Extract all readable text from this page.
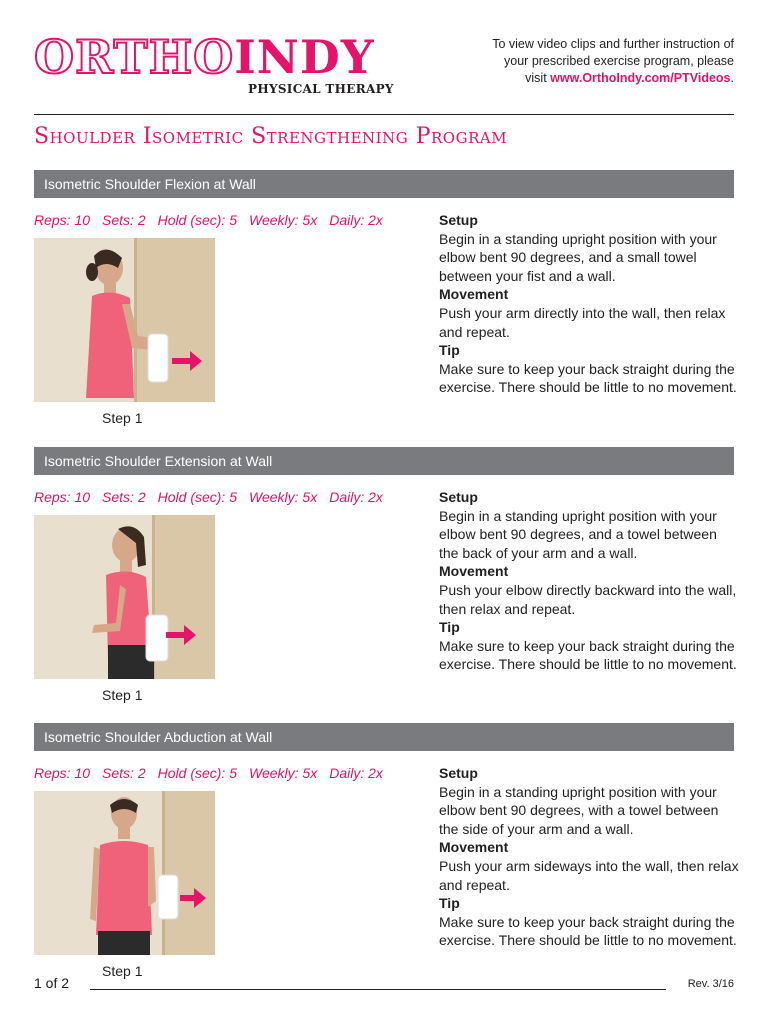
ORTHOINDY
PHYSICAL THERAPY
To view video clips and further instruction of
your prescribed exercise program, please
visit www.OrthoIndy.com/PTVideos.
Shoulder Isometric Strengthening Program
Isometric Shoulder Flexion at Wall
Reps: 10 Sets: 2 Hold (sec): 5 Weekly: 5x Daily: 2x
Step 1
Setup
Begin in a standing upright position with your elbow bent 90 degrees, and a small towel between your fist and a wall.
Movement
Push your arm directly into the wall, then relax and repeat.
Tip
Make sure to keep your back straight during the exercise. There should be little to no movement.
Isometric Shoulder Extension at Wall
Reps: 10 Sets: 2 Hold (sec): 5 Weekly: 5x Daily: 2x
Step 1
Setup
Begin in a standing upright position with your elbow bent 90 degrees, and a towel between the back of your arm and a wall.
Movement
Push your elbow directly backward into the wall, then relax and repeat.
Tip
Make sure to keep your back straight during the exercise. There should be little to no movement.
Isometric Shoulder Abduction at Wall
Reps: 10 Sets: 2 Hold (sec): 5 Weekly: 5x Daily: 2x
Step 1
Setup
Begin in a standing upright position with your elbow bent 90 degrees, with a towel between the side of your arm and a wall.
Movement
Push your arm sideways into the wall, then relax and repeat.
Tip
Make sure to keep your back straight during the exercise. There should be little to no movement.
1 of 2	Rev. 3/16
